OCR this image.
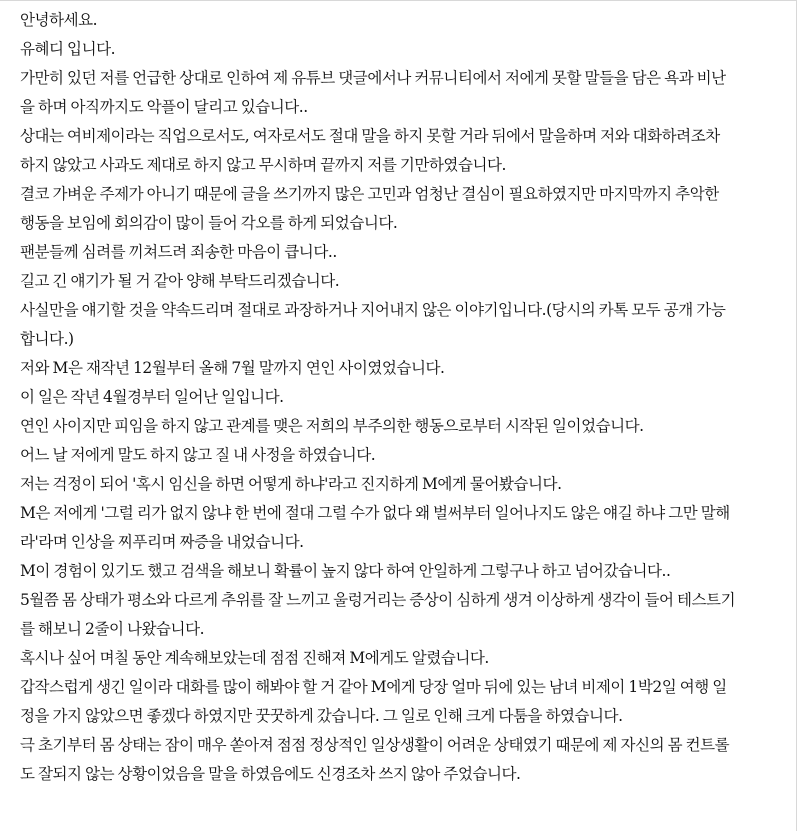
안녕하세요.
유혜디 입니다.
가만히 있던 저를 언급한 상대로 인하여 제 유튜브 댓글에서나 커뮤니티에서 저에게 못할 말들을 담은 욕과 비난
을 하며 아직까지도 악플이 달리고 있습니다..
상대는 여비제이라는 직업으로서도, 여자로서도 절대 말을 하지 못할 거라 뒤에서 말을하며 저와 대화하려조차
하지 않았고 사과도 제대로 하지 않고 무시하며 끝까지 저를 기만하였습니다.
결코 가벼운 주제가 아니기 때문에 글을 쓰기까지 많은 고민과 엄청난 결심이 필요하였지만 마지막까지 추악한
행동을 보임에 회의감이 많이 들어 각오를 하게 되었습니다.
팬분들께 심려를 끼쳐드려 죄송한 마음이 큽니다..
길고 긴 얘기가 될 거 같아 양해 부탁드리겠습니다.
사실만을 얘기할 것을 약속드리며 절대로 과장하거나 지어내지 않은 이야기입니다.(당시의 카톡 모두 공개 가능
합니다.)
저와 M은 재작년 12월부터 올해 7월 말까지 연인 사이였었습니다.
이 일은 작년 4월경부터 일어난 일입니다.
연인 사이지만 피임을 하지 않고 관계를 맺은 저희의 부주의한 행동으로부터 시작된 일이었습니다.
어느 날 저에게 말도 하지 않고 질 내 사정을 하였습니다.
저는 걱정이 되어 '혹시 임신을 하면 어떻게 하냐'라고 진지하게 M에게 물어봤습니다.
M은 저에게 '그럴 리가 없지 않냐 한 번에 절대 그럴 수가 없다 왜 벌써부터 일어나지도 않은 얘길 하냐 그만 말해
라'라며 인상을 찌푸리며 짜증을 내었습니다.
M이 경험이 있기도 했고 검색을 해보니 확률이 높지 않다 하여 안일하게 그렇구나 하고 넘어갔습니다..
5월쯤 몸 상태가 평소와 다르게 추위를 잘 느끼고 울렁거리는 증상이 심하게 생겨 이상하게 생각이 들어 테스트기
를 해보니 2줄이 나왔습니다.
혹시나 싶어 며칠 동안 계속해보았는데 점점 진해져 M에게도 알렸습니다.
갑작스럽게 생긴 일이라 대화를 많이 해봐야 할 거 같아 M에게 당장 얼마 뒤에 있는 남녀 비제이 1박2일 여행 일
정을 가지 않았으면 좋겠다 하였지만 꿋꿋하게 갔습니다. 그 일로 인해 크게 다툼을 하였습니다.
극 초기부터 몸 상태는 잠이 매우 쏟아져 점점 정상적인 일상생활이 어려운 상태였기 때문에 제 자신의 몸 컨트롤
도 잘되지 않는 상황이었음을 말을 하였음에도 신경조차 쓰지 않아 주었습니다.
